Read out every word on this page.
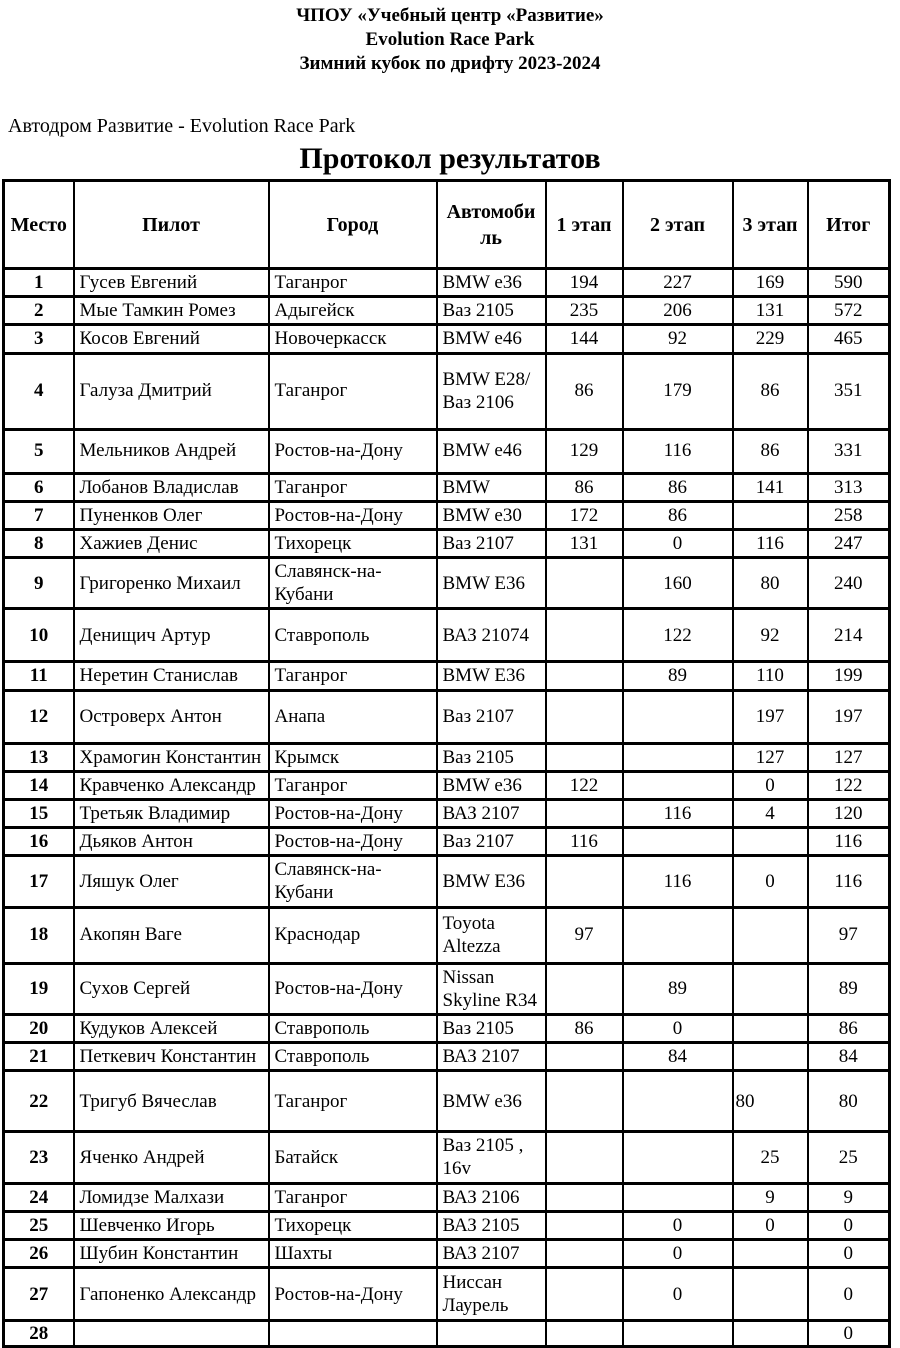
ЧПОУ «Учебный центр «Развитие»
Evolution Race Park
Зимний кубок по дрифту 2023-2024
Автодром Развитие - Evolution Race Park
Протокол результатов
Место	Пилот	Город	Автомобиль	1 этап	2 этап	3 этап	Итог
1	Гусев Евгений	Таганрог	BMW e36	194	227	169	590
2	Мые Тамкин Ромез	Адыгейск	Ваз 2105	235	206	131	572
3	Косов Евгений	Новочеркасск	BMW e46	144	92	229	465
4	Галуза Дмитрий	Таганрог	BMW E28/Ваз 2106	86	179	86	351
5	Мельников Андрей	Ростов-на-Дону	BMW e46	129	116	86	331
6	Лобанов Владислав	Таганрог	BMW	86	86	141	313
7	Пуненков Олег	Ростов-на-Дону	BMW e30	172	86		258
8	Хажиев Денис	Тихорецк	Ваз 2107	131	0	116	247
9	Григоренко Михаил	Славянск-на-Кубани	BMW E36		160	80	240
10	Денищич Артур	Ставрополь	ВАЗ 21074		122	92	214
11	Неретин Станислав	Таганрог	BMW E36		89	110	199
12	Островерх Антон	Анапа	Ваз 2107			197	197
13	Храмогин Константин	Крымск	Ваз 2105			127	127
14	Кравченко Александр	Таганрог	BMW e36	122		0	122
15	Третьяк Владимир	Ростов-на-Дону	ВАЗ 2107		116	4	120
16	Дьяков Антон	Ростов-на-Дону	Ваз 2107	116			116
17	Ляшук Олег	Славянск-на-Кубани	BMW E36		116	0	116
18	Акопян Ваге	Краснодар	Toyota Altezza	97			97
19	Сухов Сергей	Ростов-на-Дону	Nissan Skyline R34		89		89
20	Кудуков Алексей	Ставрополь	Ваз 2105	86	0		86
21	Петкевич Константин	Ставрополь	ВАЗ 2107		84		84
22	Тригуб Вячеслав	Таганрог	BMW e36			80	80
23	Яченко Андрей	Батайск	Ваз 2105 , 16v			25	25
24	Ломидзе Малхази	Таганрог	ВАЗ 2106			9	9
25	Шевченко Игорь	Тихорецк	ВАЗ 2105		0	0	0
26	Шубин Константин	Шахты	ВАЗ 2107		0		0
27	Гапоненко Александр	Ростов-на-Дону	Ниссан Лаурель		0		0
28							0
